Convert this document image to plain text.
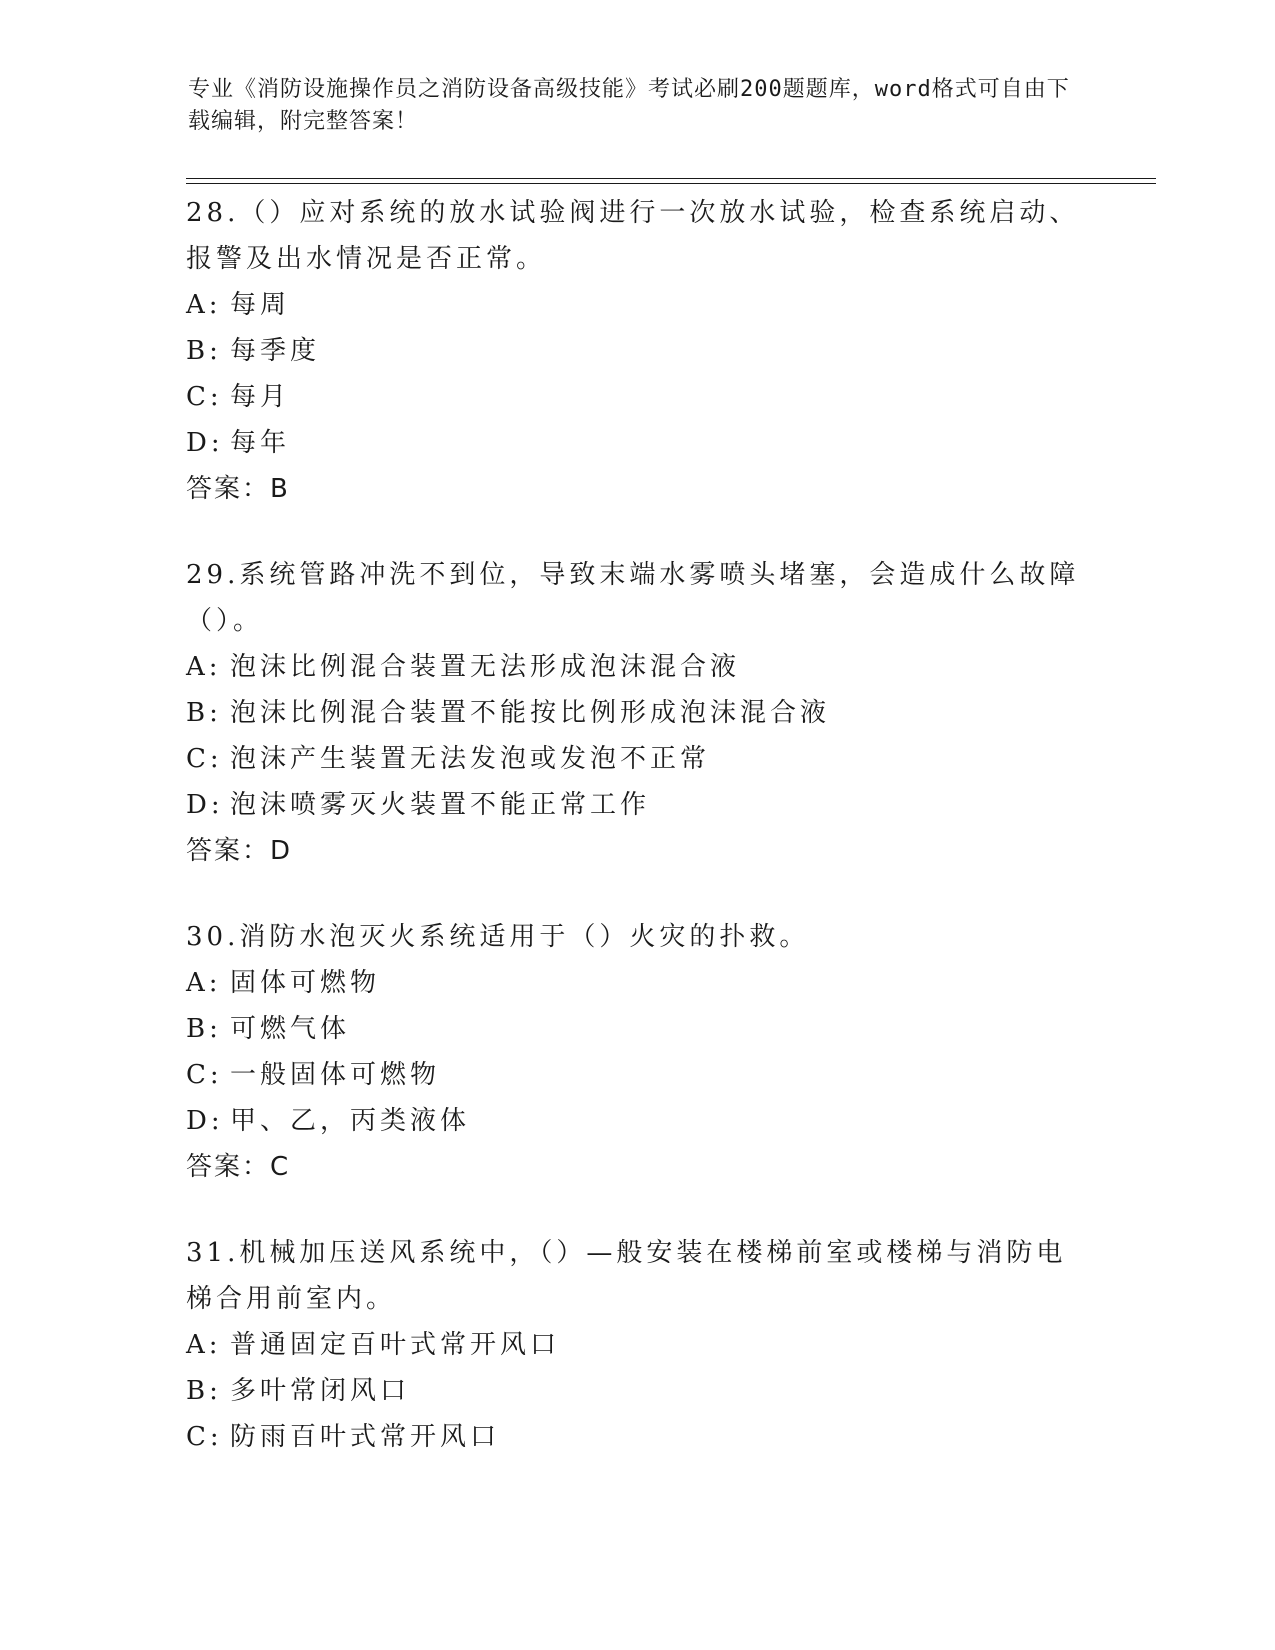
专业《消防设施操作员之消防设备高级技能》考试必刷200题题库，word格式可自由下载编辑，附完整答案！

28.（）应对系统的放水试验阀进行一次放水试验，检查系统启动、报警及出水情况是否正常。

A: 每周
B: 每季度
C: 每月
D: 每年

答案：B

29.系统管路冲洗不到位，导致末端水雾喷头堵塞，会造成什么故障（）。

A: 泡沫比例混合装置无法形成泡沫混合液
B: 泡沫比例混合装置不能按比例形成泡沫混合液
C: 泡沫产生装置无法发泡或发泡不正常
D: 泡沫喷雾灭火装置不能正常工作

答案：D

30.消防水泡灭火系统适用于（）火灾的扑救。

A: 固体可燃物
B: 可燃气体
C: 一般固体可燃物
D: 甲、乙，丙类液体

答案：C

31.机械加压送风系统中，（）—般安装在楼梯前室或楼梯与消防电梯合用前室内。

A: 普通固定百叶式常开风口
B: 多叶常闭风口
C: 防雨百叶式常开风口
